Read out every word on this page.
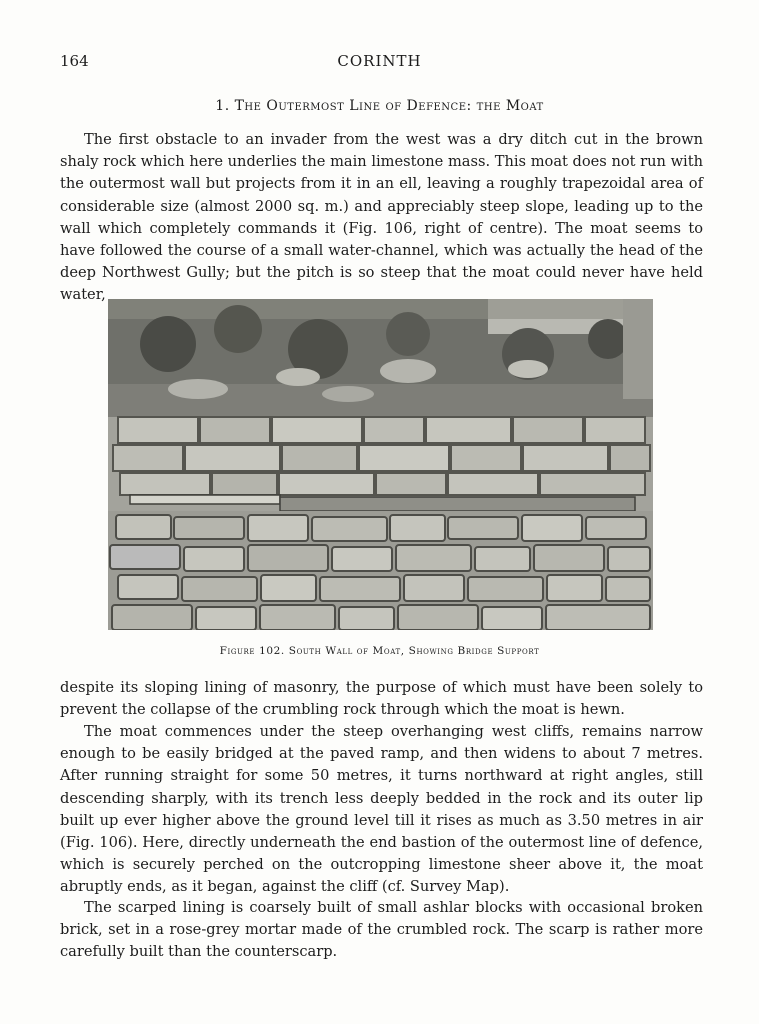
164	CORINTH
1. The Outermost Line of Defence: the Moat

The first obstacle to an invader from the west was a dry ditch cut in the brown shaly rock which here underlies the main limestone mass. This moat does not run with the outermost wall but projects from it in an ell, leaving a roughly trapezoidal area of considerable size (almost 2000 sq. m.) and appreciably steep slope, leading up to the wall which completely commands it (Fig. 106, right of centre). The moat seems to have followed the course of a small water-channel, which was actually the head of the deep Northwest Gully; but the pitch is so steep that the moat could never have held water,

Figure 102. South Wall of Moat, Showing Bridge Support

despite its sloping lining of masonry, the purpose of which must have been solely to prevent the collapse of the crumbling rock through which the moat is hewn.

The moat commences under the steep overhanging west cliffs, remains narrow enough to be easily bridged at the paved ramp, and then widens to about 7 metres. After running straight for some 50 metres, it turns northward at right angles, still descending sharply, with its trench less deeply bedded in the rock and its outer lip built up ever higher above the ground level till it rises as much as 3.50 metres in air (Fig. 106). Here, directly underneath the end bastion of the outermost line of defence, which is securely perched on the outcropping limestone sheer above it, the moat abruptly ends, as it began, against the cliff (cf. Survey Map).

The scarped lining is coarsely built of small ashlar blocks with occasional broken brick, set in a rose-grey mortar made of the crumbled rock. The scarp is rather more carefully built than the counterscarp.
